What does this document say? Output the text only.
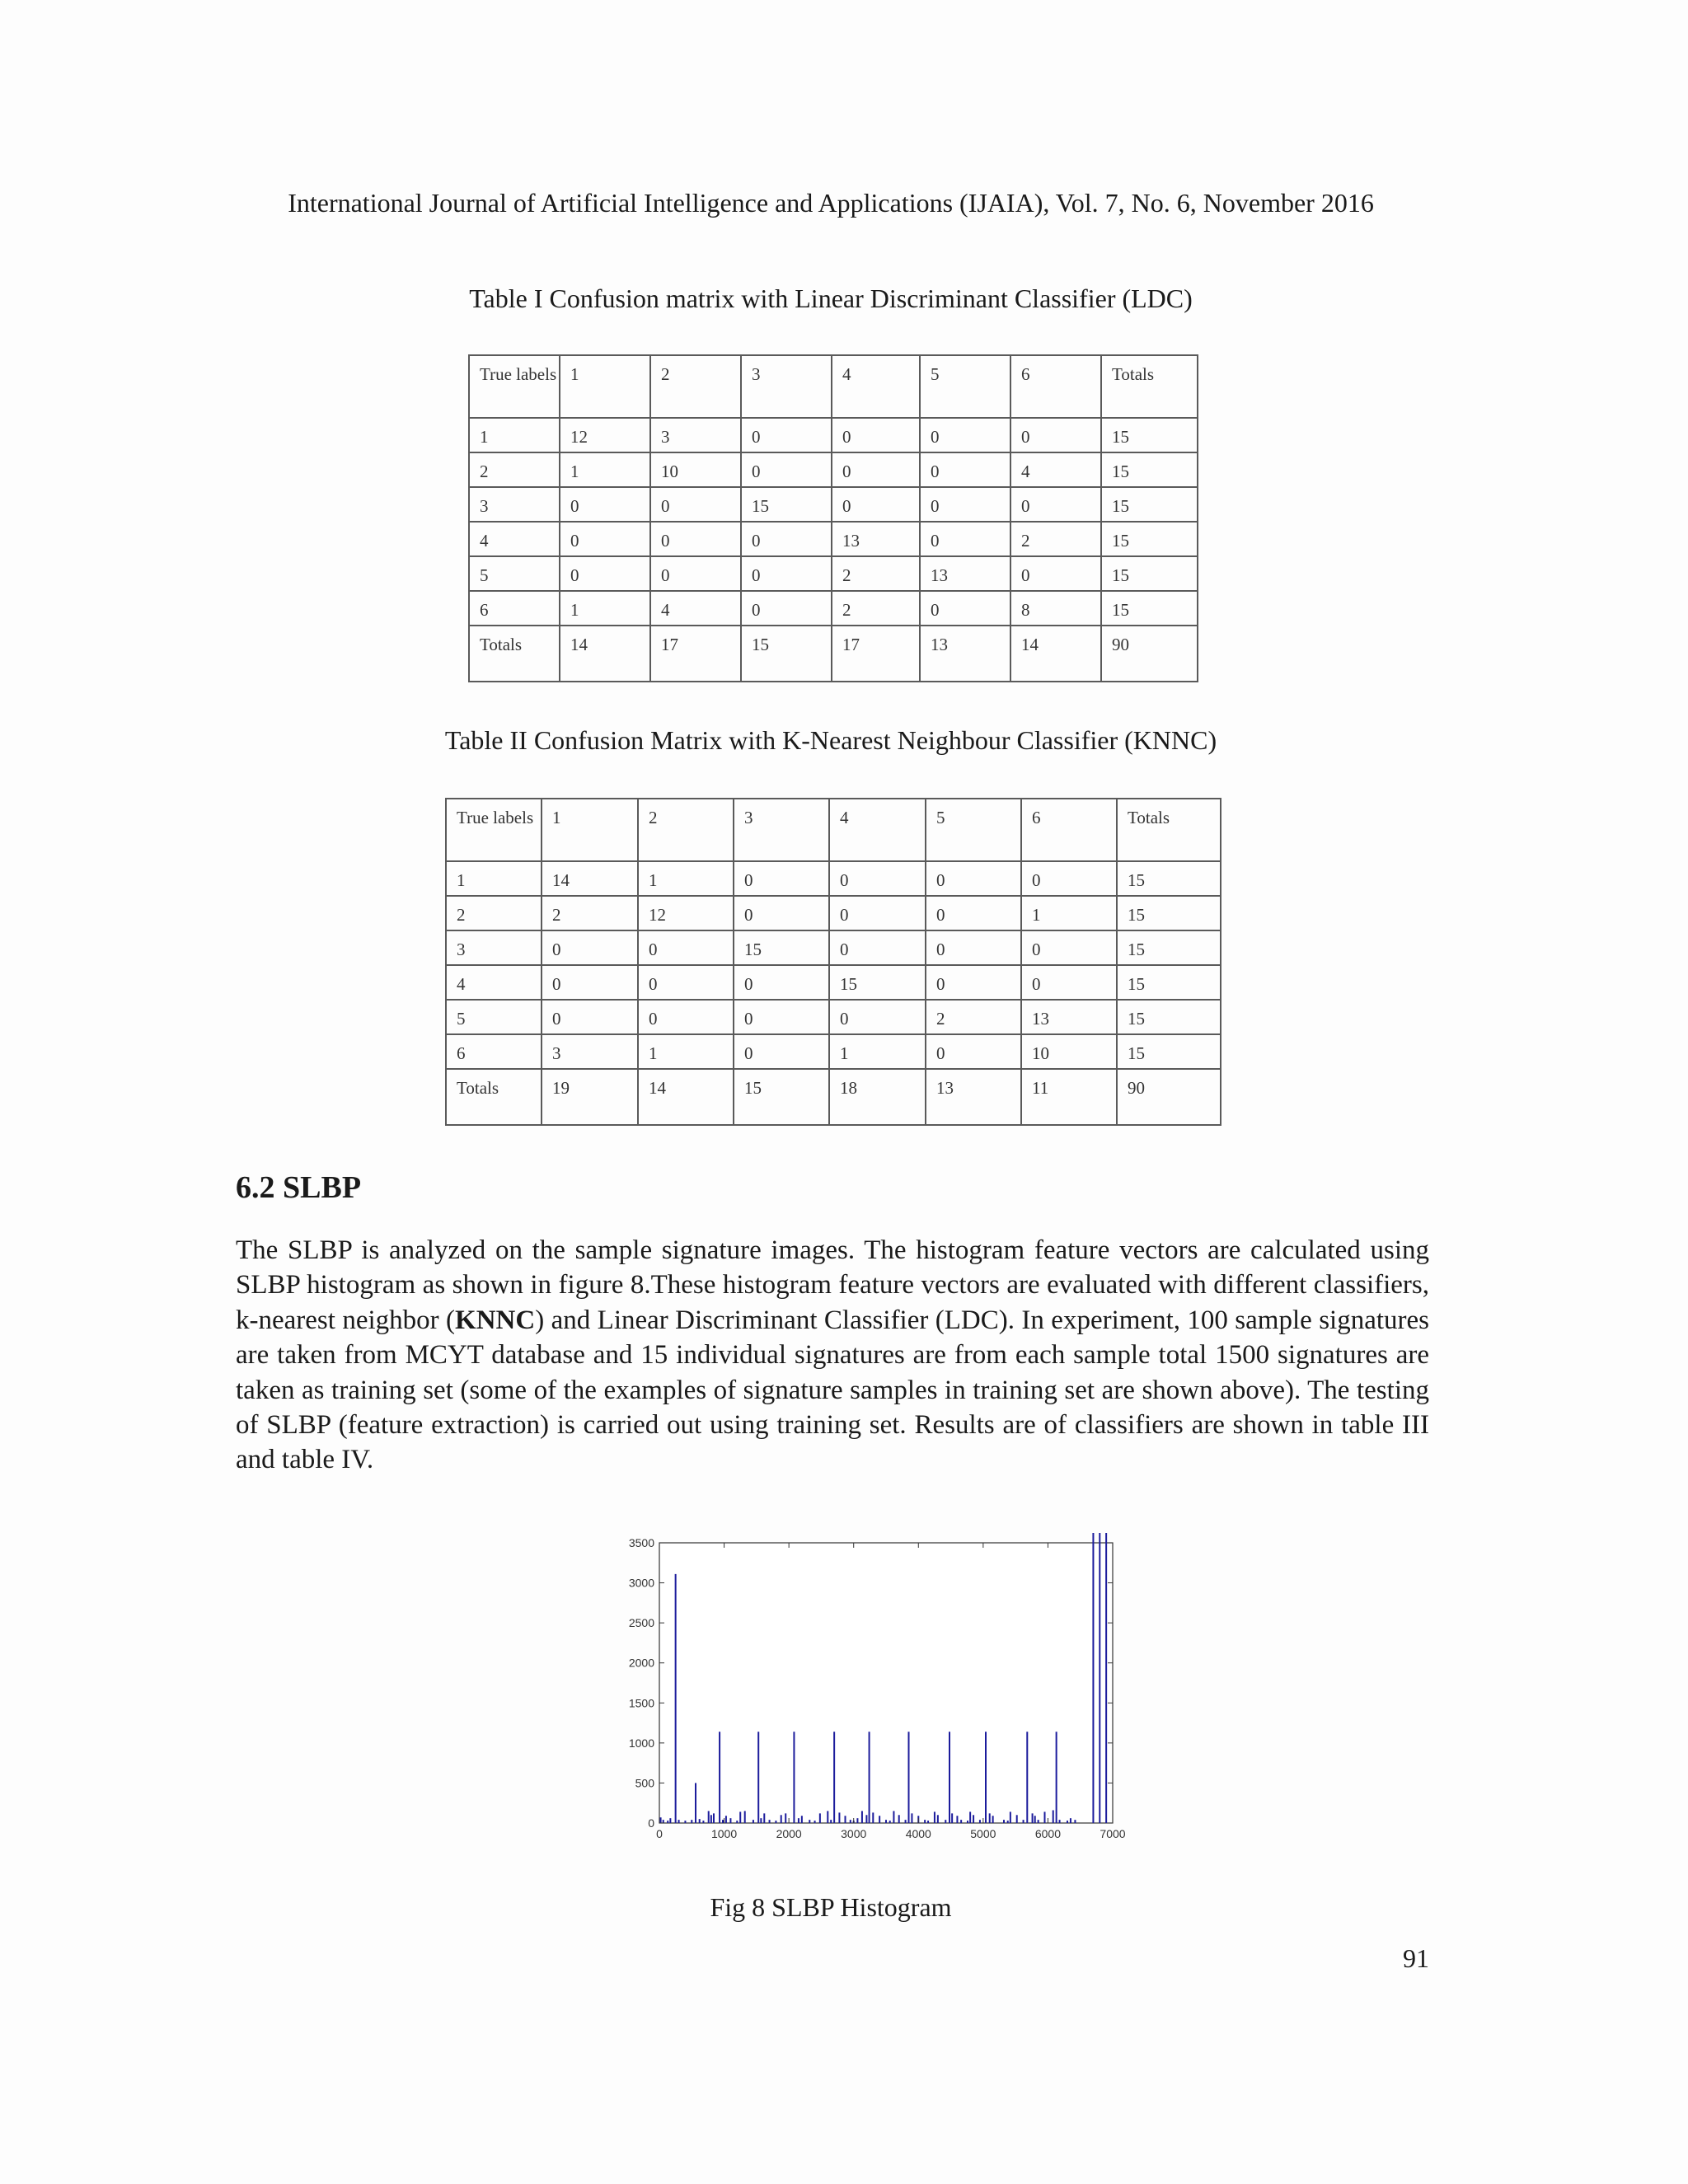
International Journal of Artificial Intelligence and Applications (IJAIA), Vol. 7, No. 6, November 2016
Table I Confusion matrix with Linear Discriminant Classifier (LDC)
True labels	1	2	3	4	5	6	Totals
1	12	3	0	0	0	0	15
2	1	10	0	0	0	4	15
3	0	0	15	0	0	0	15
4	0	0	0	13	0	2	15
5	0	0	0	2	13	0	15
6	1	4	0	2	0	8	15
Totals	14	17	15	17	13	14	90
Table II Confusion Matrix with K-Nearest Neighbour Classifier (KNNC)
True labels	1	2	3	4	5	6	Totals
1	14	1	0	0	0	0	15
2	2	12	0	0	0	1	15
3	0	0	15	0	0	0	15
4	0	0	0	15	0	0	15
5	0	0	0	0	2	13	15
6	3	1	0	1	0	10	15
Totals	19	14	15	18	13	11	90
6.2 SLBP
The SLBP is analyzed on the sample signature images. The histogram feature vectors are calculated using SLBP histogram as shown in figure 8.These histogram feature vectors are evaluated with different classifiers, k-nearest neighbor (KNNC) and Linear Discriminant Classifier (LDC). In experiment, 100 sample signatures are taken from MCYT database and 15 individual signatures are from each sample total 1500 signatures are taken as training set (some of the examples of signature samples in training set are shown above). The testing of SLBP (feature extraction) is carried out using training set. Results are of classifiers are shown in table III and table IV.
0
500
1000
1500
2000
2500
3000
3500
0	1000	2000	3000	4000	5000	6000	7000
Fig 8 SLBP Histogram
91
